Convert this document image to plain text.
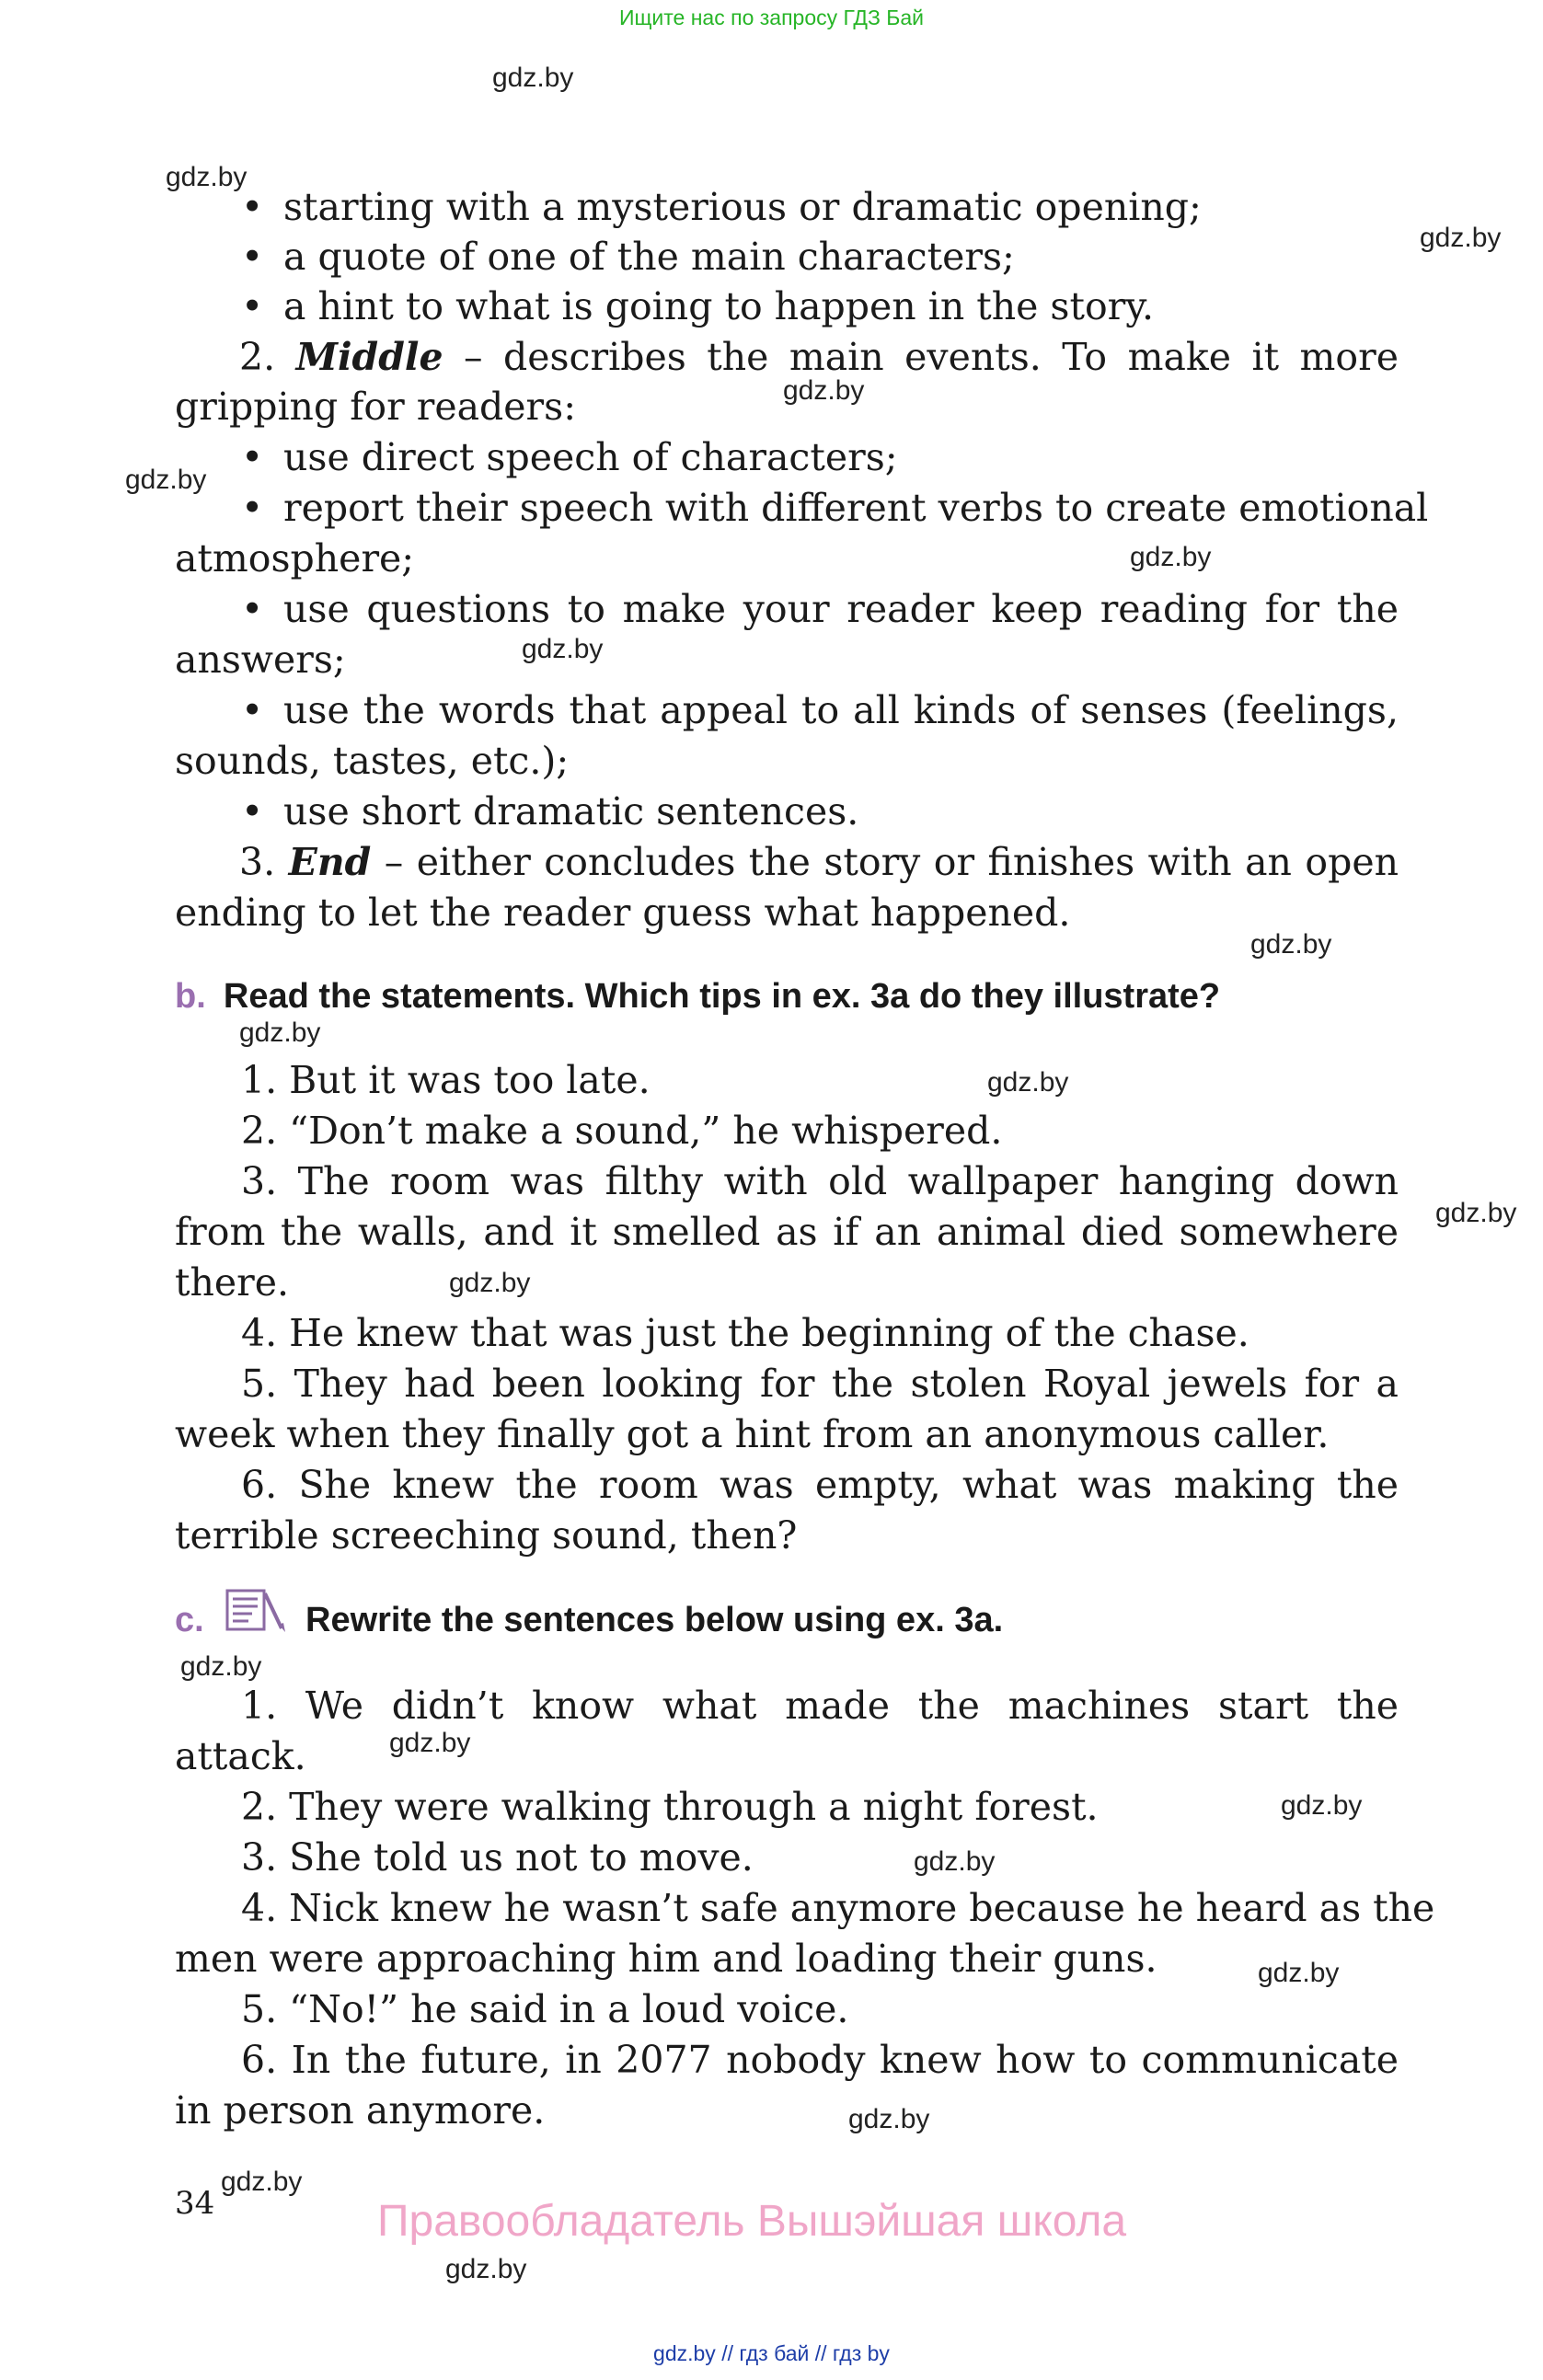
Ищите нас по запросу ГДЗ Бай
gdz.by
gdz.by
gdz.by
gdz.by
gdz.by
gdz.by
gdz.by
gdz.by
gdz.by
gdz.by
gdz.by
gdz.by
gdz.by
gdz.by
gdz.by
gdz.by
gdz.by
gdz.by
gdz.by
gdz.by
• starting with a mysterious or dramatic opening;
• a quote of one of the main characters;
• a hint to what is going to happen in the story.
2. Middle – describes the main events. To make it more
gripping for readers:
• use direct speech of characters;
• report their speech with different verbs to create emotional
atmosphere;
• use questions to make your reader keep reading for the
answers;
• use the words that appeal to all kinds of senses (feelings,
sounds, tastes, etc.);
• use short dramatic sentences.
3. End – either concludes the story or finishes with an open
ending to let the reader guess what happened.
b. Read the statements. Which tips in ex. 3a do they illustrate?
1. But it was too late.
2. “Don’t make a sound,” he whispered.
3. The room was filthy with old wallpaper hanging down
from the walls, and it smelled as if an animal died somewhere
there.
4. He knew that was just the beginning of the chase.
5. They had been looking for the stolen Royal jewels for a
week when they finally got a hint from an anonymous caller.
6. She knew the room was empty, what was making the
terrible screeching sound, then?
c.	Rewrite the sentences below using ex. 3a.
1. We didn’t know what made the machines start the
attack.
2. They were walking through a night forest.
3. She told us not to move.
4. Nick knew he wasn’t safe anymore because he heard as the
men were approaching him and loading their guns.
5. “No!” he said in a loud voice.
6. In the future, in 2077 nobody knew how to communicate
in person anymore.
34	Правообладатель Вышэйшая школа
gdz.by // гдз бай // гдз by
